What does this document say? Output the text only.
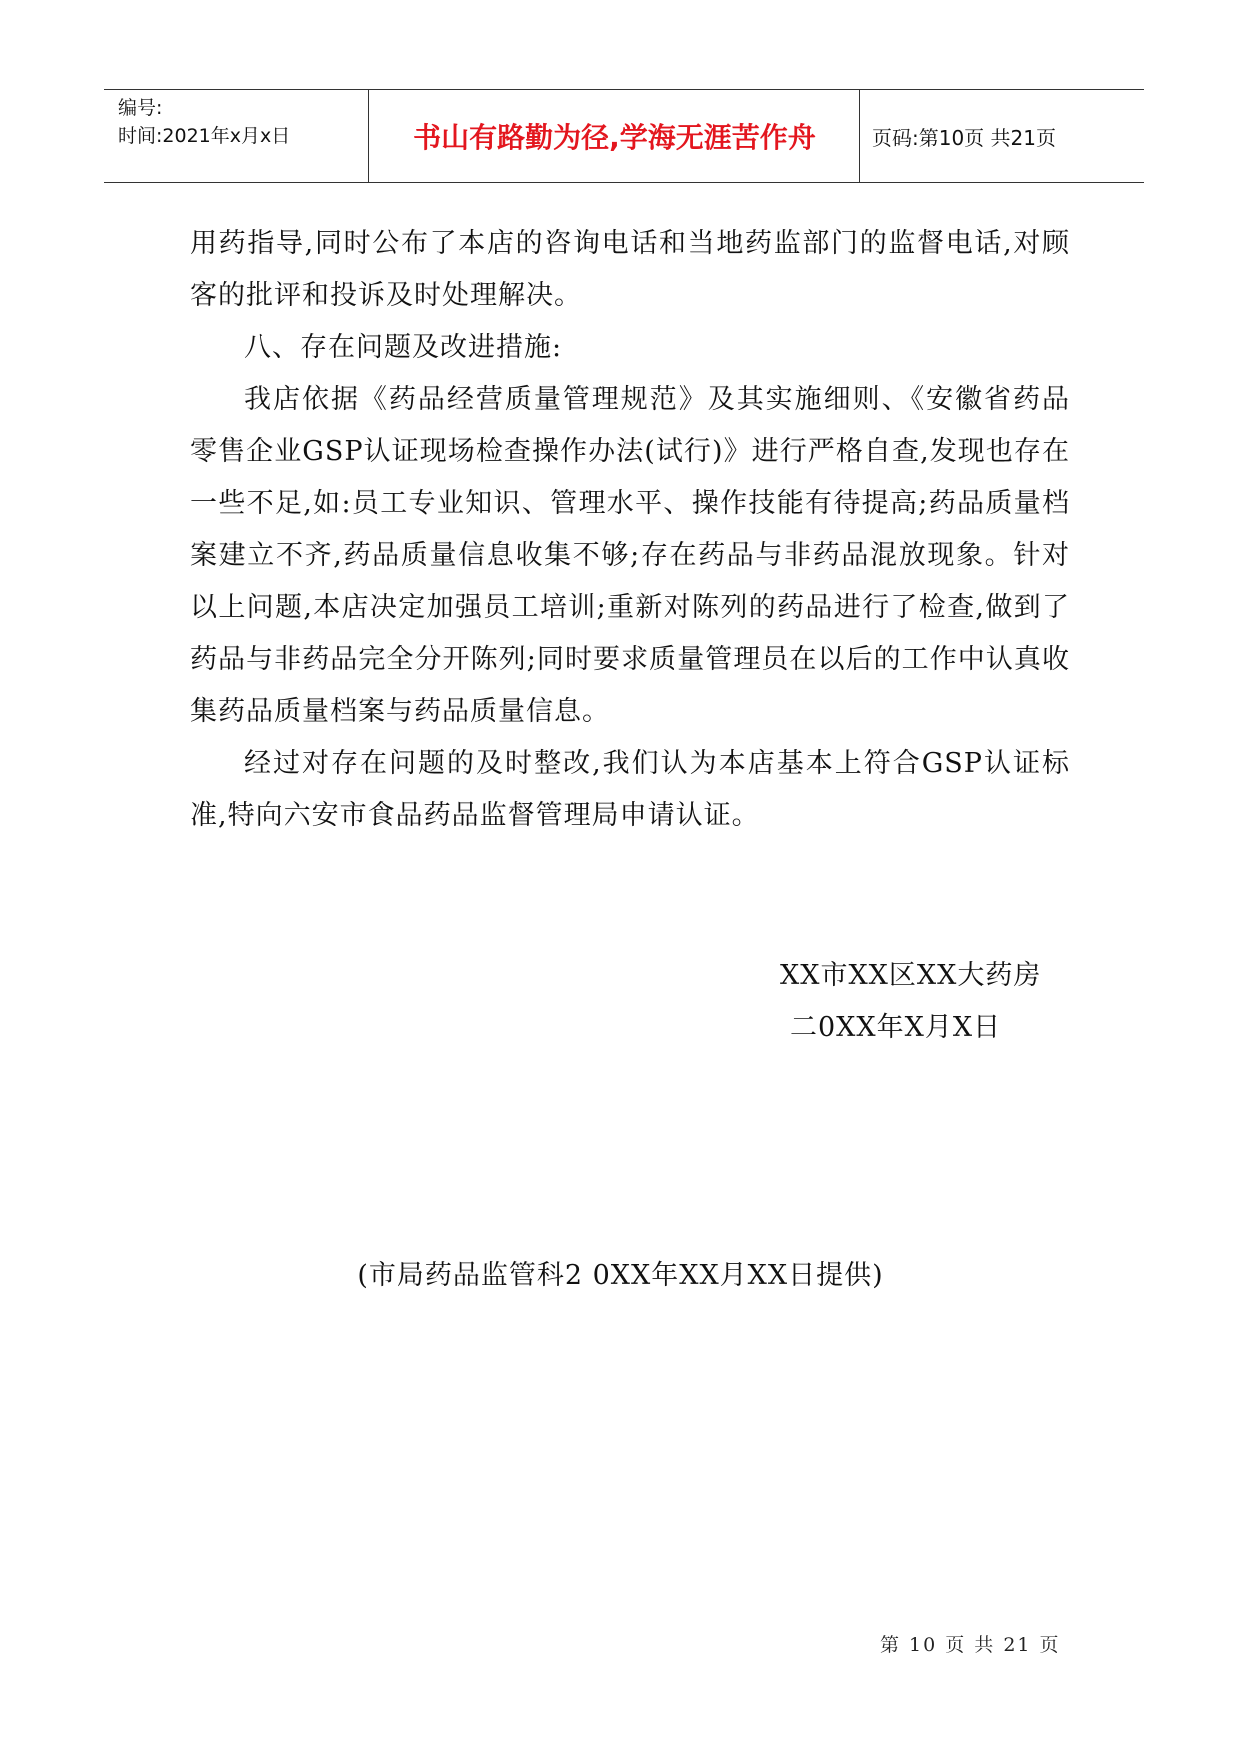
编号:
时间:2021年x月x日	书山有路勤为径,学海无涯苦作舟	页码:第10页 共21页

用药指导,同时公布了本店的咨询电话和当地药监部门的监督电话,对顾客的批评和投诉及时处理解决。

八、存在问题及改进措施:

我店依据《药品经营质量管理规范》及其实施细则、《安徽省药品零售企业GSP认证现场检查操作办法(试行)》进行严格自查,发现也存在一些不足,如:员工专业知识、管理水平、操作技能有待提高;药品质量档案建立不齐,药品质量信息收集不够;存在药品与非药品混放现象。针对以上问题,本店决定加强员工培训;重新对陈列的药品进行了检查,做到了药品与非药品完全分开陈列;同时要求质量管理员在以后的工作中认真收集药品质量档案与药品质量信息。

经过对存在问题的及时整改,我们认为本店基本上符合GSP认证标准,特向六安市食品药品监督管理局申请认证。

XX市XX区XX大药房
二0XX年X月X日
(市局药品监管科2 0XX年XX月XX日提供)
第 10 页 共 21 页
